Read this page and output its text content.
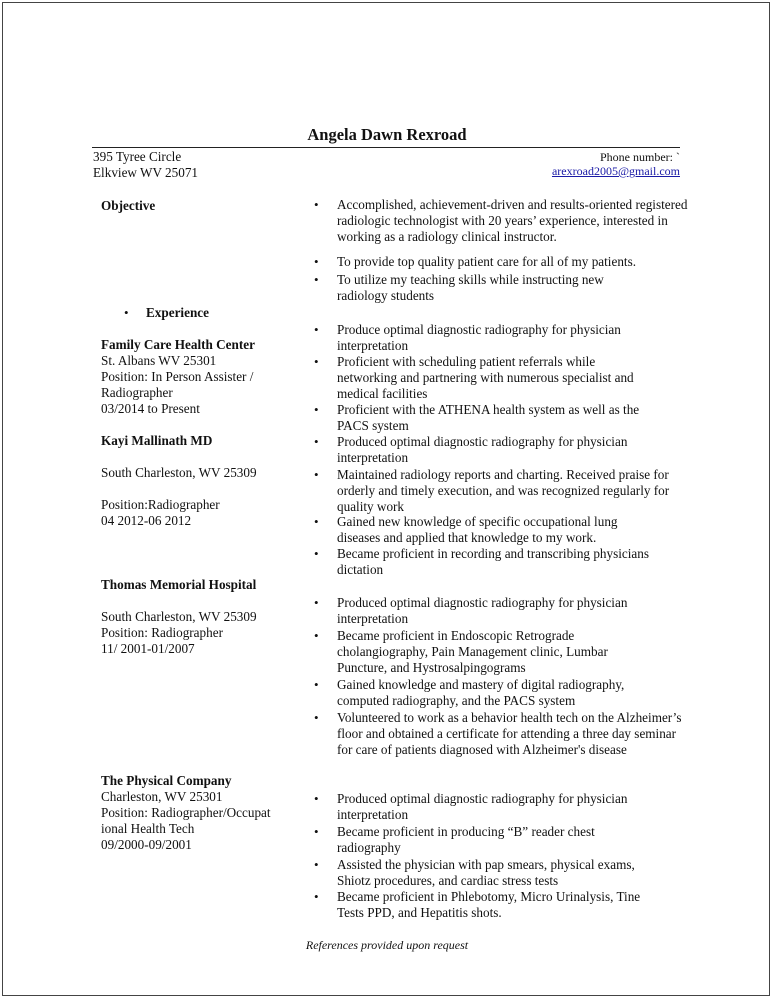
Angela Dawn Rexroad
395 Tyree Circle
Elkview WV 25071
Phone number: `
arexroad2005@gmail.com
Objective	• Accomplished, achievement-driven and results-oriented registered radiologic technologist with 20 years’ experience, interested in working as a radiology clinical instructor.
• To provide top quality patient care for all of my patients.
• To utilize my teaching skills while instructing new radiology students
• Experience
Family Care Health Center
St. Albans WV 25301
Position: In Person Assister /
Radiographer
03/2014 to Present
• Produce optimal diagnostic radiography for physician interpretation
• Proficient with scheduling patient referrals while networking and partnering with numerous specialist and medical facilities
• Proficient with the ATHENA health system as well as the PACS system
Kayi Mallinath MD
South Charleston, WV 25309
Position:Radiographer
04 2012-06 2012
• Produced optimal diagnostic radiography for physician interpretation
• Maintained radiology reports and charting. Received praise for orderly and timely execution, and was recognized regularly for quality work
• Gained new knowledge of specific occupational lung diseases and applied that knowledge to my work.
• Became proficient in recording and transcribing physicians dictation
Thomas Memorial Hospital
South Charleston, WV 25309
Position: Radiographer
11/ 2001-01/2007
• Produced optimal diagnostic radiography for physician interpretation
• Became proficient in Endoscopic Retrograde cholangiography, Pain Management clinic, Lumbar Puncture, and Hystrosalpingograms
• Gained knowledge and mastery of digital radiography, computed radiography, and the PACS system
• Volunteered to work as a behavior health tech on the Alzheimer’s floor and obtained a certificate for attending a three day seminar for care of patients diagnosed with Alzheimer's disease
The Physical Company
Charleston, WV 25301
Position: Radiographer/Occupat
ional Health Tech
09/2000-09/2001
• Produced optimal diagnostic radiography for physician interpretation
• Became proficient in producing “B” reader chest radiography
• Assisted the physician with pap smears, physical exams, Shiotz procedures, and cardiac stress tests
• Became proficient in Phlebotomy, Micro Urinalysis, Tine Tests PPD, and Hepatitis shots.
References provided upon request
